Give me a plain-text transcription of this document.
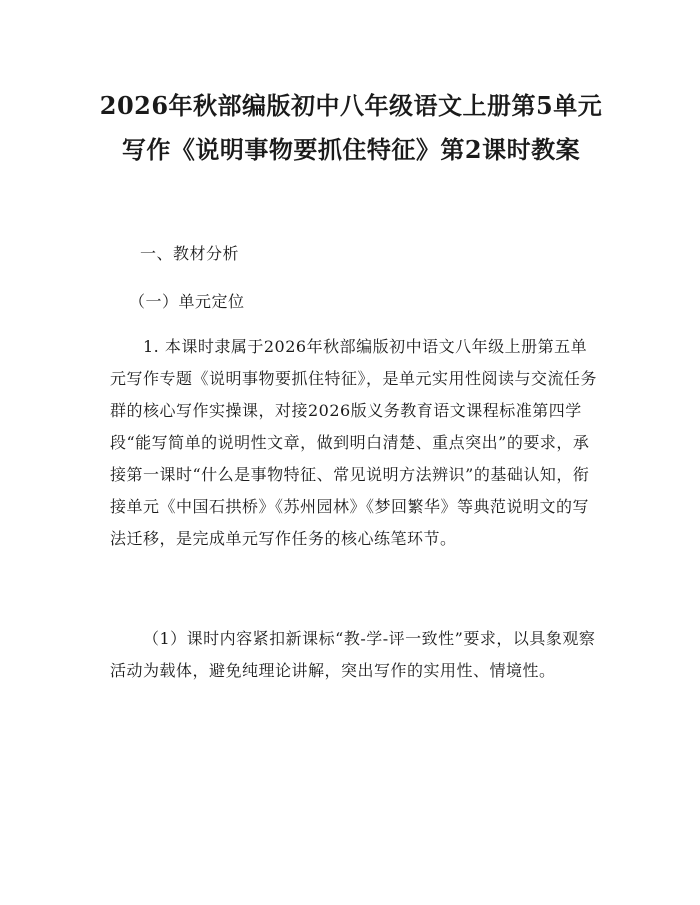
2026年秋部编版初中八年级语文上册第5单元写作《说明事物要抓住特征》第2课时教案

一、教材分析

（一）单元定位

1. 本课时隶属于2026年秋部编版初中语文八年级上册第五单元写作专题《说明事物要抓住特征》，是单元实用性阅读与交流任务群的核心写作实操课，对接2026版义务教育语文课程标准第四学段“能写简单的说明性文章，做到明白清楚、重点突出”的要求，承接第一课时“什么是事物特征、常见说明方法辨识”的基础认知，衔接单元《中国石拱桥》《苏州园林》《梦回繁华》等典范说明文的写法迁移，是完成单元写作任务的核心练笔环节。

（1）课时内容紧扣新课标“教-学-评一致性”要求，以具象观察活动为载体，避免纯理论讲解，突出写作的实用性、情境性。
